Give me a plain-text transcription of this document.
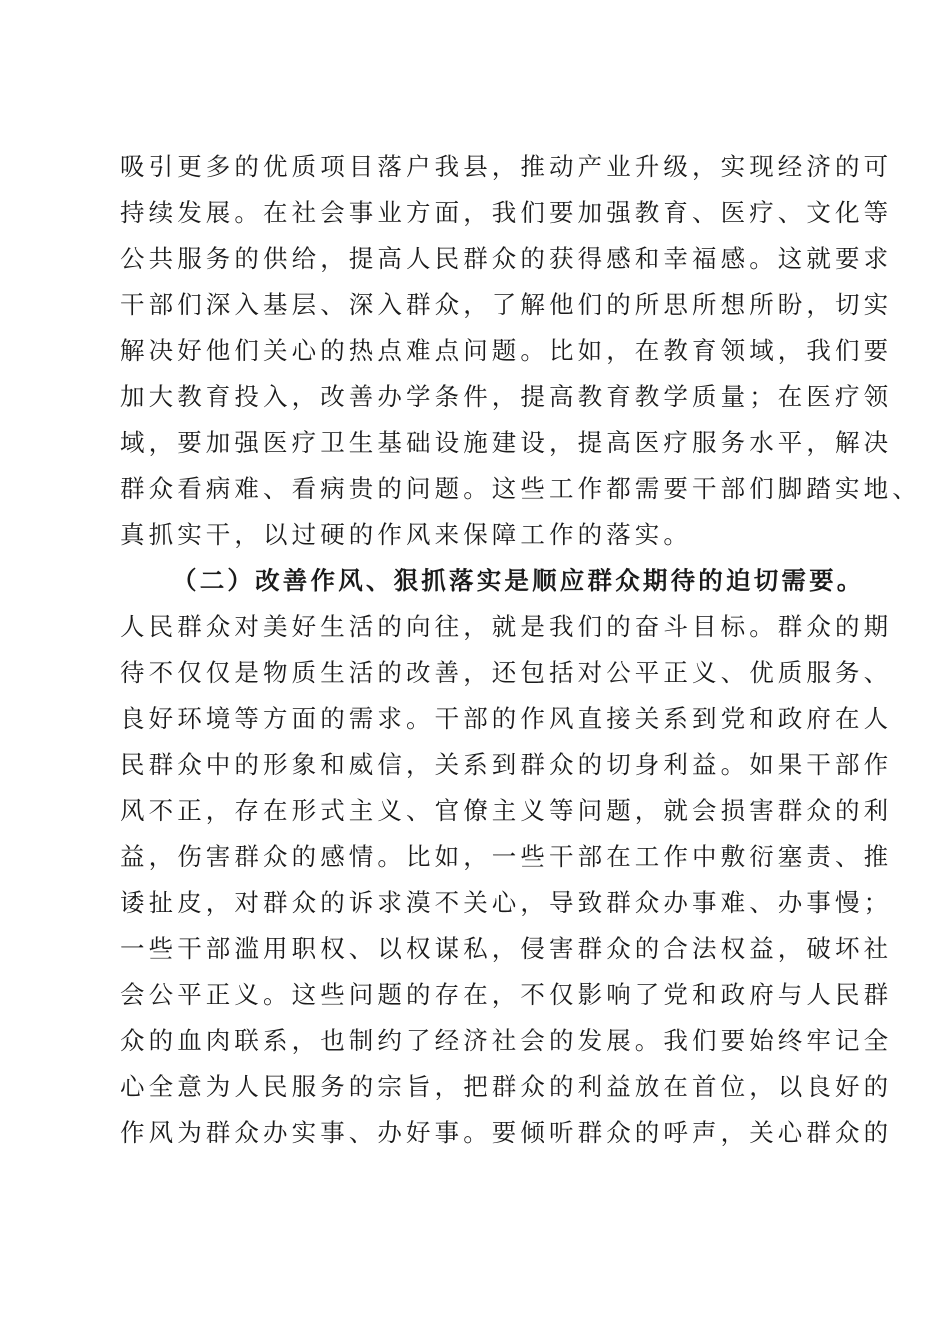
吸引更多的优质项目落户我县，推动产业升级，实现经济的可
持续发展。在社会事业方面，我们要加强教育、医疗、文化等
公共服务的供给，提高人民群众的获得感和幸福感。这就要求
干部们深入基层、深入群众，了解他们的所思所想所盼，切实
解决好他们关心的热点难点问题。比如，在教育领域，我们要
加大教育投入，改善办学条件，提高教育教学质量；在医疗领
域，要加强医疗卫生基础设施建设，提高医疗服务水平，解决
群众看病难、看病贵的问题。这些工作都需要干部们脚踏实地、
真抓实干，以过硬的作风来保障工作的落实。
（二）改善作风、狠抓落实是顺应群众期待的迫切需要。
人民群众对美好生活的向往，就是我们的奋斗目标。群众的期
待不仅仅是物质生活的改善，还包括对公平正义、优质服务、
良好环境等方面的需求。干部的作风直接关系到党和政府在人
民群众中的形象和威信，关系到群众的切身利益。如果干部作
风不正，存在形式主义、官僚主义等问题，就会损害群众的利
益，伤害群众的感情。比如，一些干部在工作中敷衍塞责、推
诿扯皮，对群众的诉求漠不关心，导致群众办事难、办事慢；
一些干部滥用职权、以权谋私，侵害群众的合法权益，破坏社
会公平正义。这些问题的存在，不仅影响了党和政府与人民群
众的血肉联系，也制约了经济社会的发展。我们要始终牢记全
心全意为人民服务的宗旨，把群众的利益放在首位，以良好的
作风为群众办实事、办好事。要倾听群众的呼声，关心群众的
